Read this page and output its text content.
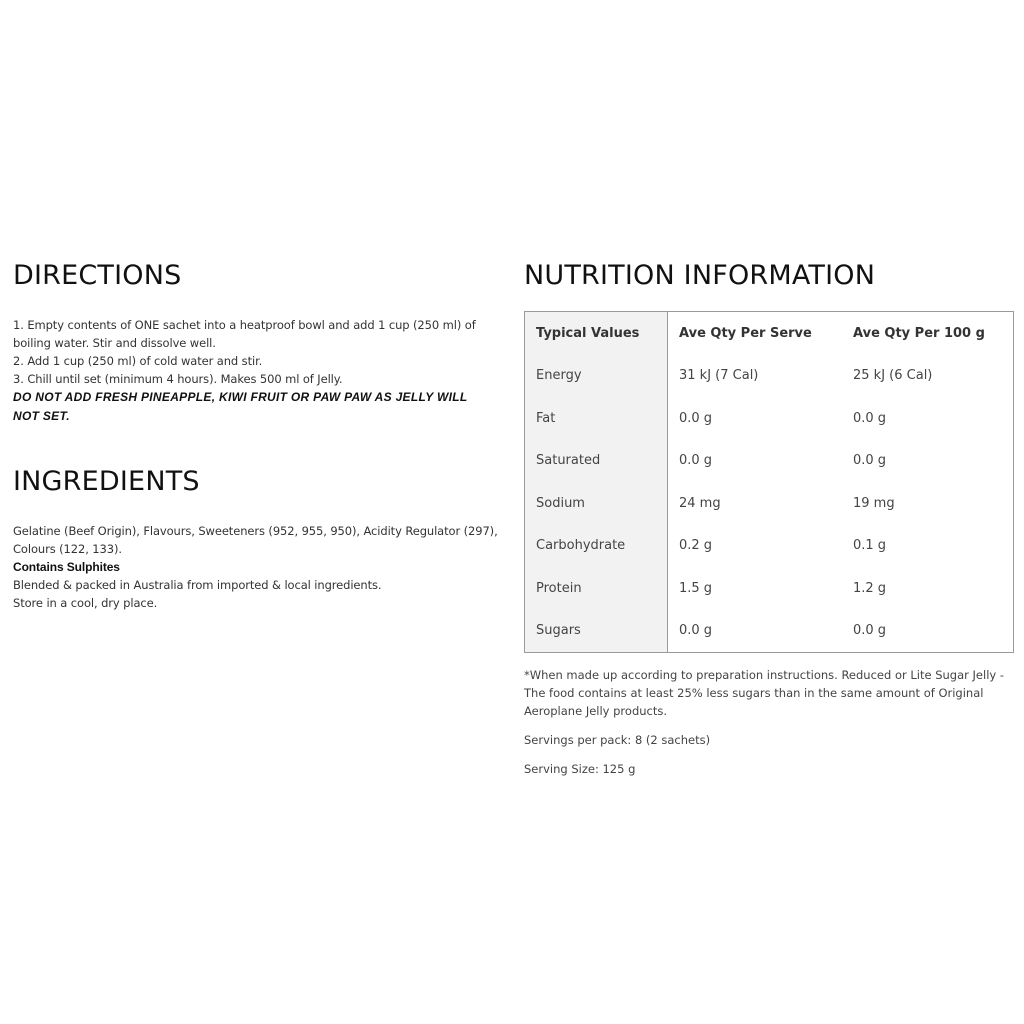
DIRECTIONS
1. Empty contents of ONE sachet into a heatproof bowl and add 1 cup (250 ml) of
boiling water. Stir and dissolve well.
2. Add 1 cup (250 ml) of cold water and stir.
3. Chill until set (minimum 4 hours). Makes 500 ml of Jelly.
DO NOT ADD FRESH PINEAPPLE, KIWI FRUIT OR PAW PAW AS JELLY WILL NOT SET.
INGREDIENTS
Gelatine (Beef Origin), Flavours, Sweeteners (952, 955, 950), Acidity Regulator (297),
Colours (122, 133).
Contains Sulphites
Blended & packed in Australia from imported & local ingredients.
Store in a cool, dry place.
NUTRITION INFORMATION
Typical Values	Ave Qty Per Serve	Ave Qty Per 100 g
Energy	31 kJ (7 Cal)	25 kJ (6 Cal)
Fat	0.0 g	0.0 g
Saturated	0.0 g	0.0 g
Sodium	24 mg	19 mg
Carbohydrate	0.2 g	0.1 g
Protein	1.5 g	1.2 g
Sugars	0.0 g	0.0 g

*When made up according to preparation instructions. Reduced or Lite Sugar Jelly - The food contains at least 25% less sugars than in the same amount of Original Aeroplane Jelly products.

Servings per pack: 8 (2 sachets)

Serving Size: 125 g
